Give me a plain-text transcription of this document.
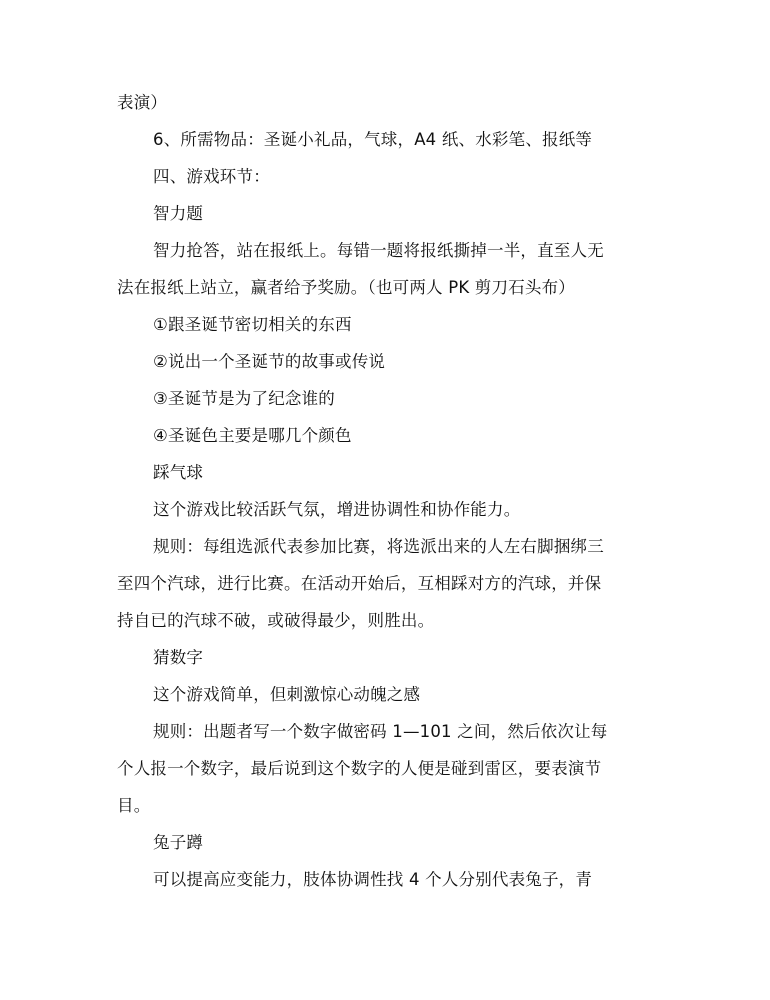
表演）
6、所需物品：圣诞小礼品，气球，A4 纸、水彩笔、报纸等
四、游戏环节：
智力题
智力抢答，站在报纸上。每错一题将报纸撕掉一半，直至人无
法在报纸上站立，赢者给予奖励。（也可两人 PK 剪刀石头布）
①跟圣诞节密切相关的东西
②说出一个圣诞节的故事或传说
③圣诞节是为了纪念谁的
④圣诞色主要是哪几个颜色
踩气球
这个游戏比较活跃气氛，增进协调性和协作能力。
规则：每组选派代表参加比赛，将选派出来的人左右脚捆绑三
至四个汽球，进行比赛。在活动开始后，互相踩对方的汽球，并保
持自已的汽球不破，或破得最少，则胜出。
猜数字
这个游戏简单，但刺激惊心动魄之感
规则：出题者写一个数字做密码 1—101 之间，然后依次让每
个人报一个数字，最后说到这个数字的人便是碰到雷区，要表演节
目。
兔子蹲
可以提高应变能力，肢体协调性找 4 个人分别代表兔子，青
